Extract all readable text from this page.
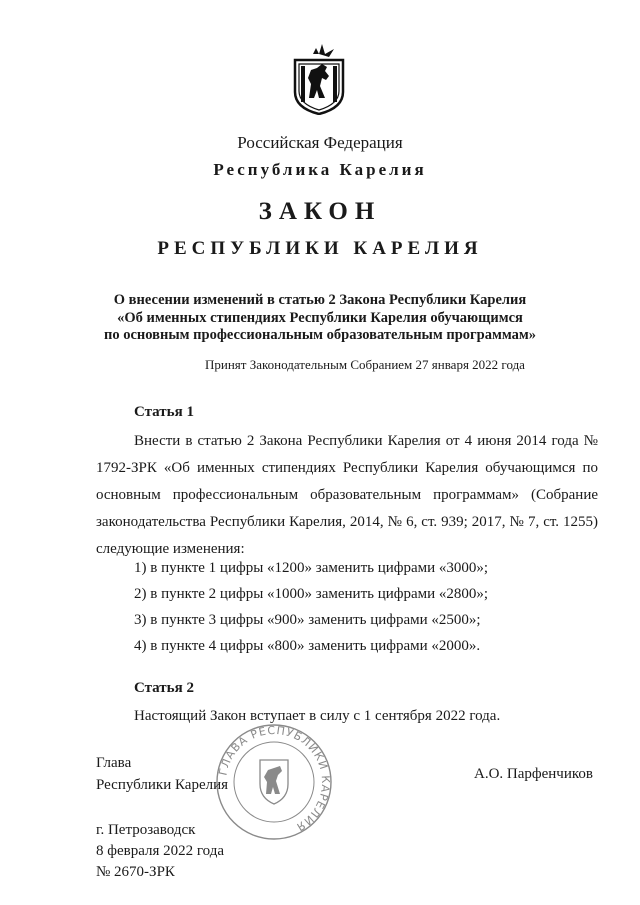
Российская Федерация
Республика Карелия
ЗАКОН
РЕСПУБЛИКИ КАРЕЛИЯ
О внесении изменений в статью 2 Закона Республики Карелия
«Об именных стипендиях Республики Карелия обучающимся
по основным профессиональным образовательным программам»
Принят Законодательным Собранием 27 января 2022 года
Статья 1
Внести в статью 2 Закона Республики Карелия от 4 июня 2014 года № 1792-ЗРК «Об именных стипендиях Республики Карелия обучающимся по основным профессиональным образовательным программам» (Собрание законодательства Республики Карелия, 2014, № 6, ст. 939; 2017, № 7, ст. 1255) следующие изменения:
1) в пункте 1 цифры «1200» заменить цифрами «3000»;
2) в пункте 2 цифры «1000» заменить цифрами «2800»;
3) в пункте 3 цифры «900» заменить цифрами «2500»;
4) в пункте 4 цифры «800» заменить цифрами «2000».
Статья 2
Настоящий Закон вступает в силу с 1 сентября 2022 года.
ГЛАВА РЕСПУБЛИКИ КАРЕЛИЯ
Глава
Республики Карелия
А.О. Парфенчиков
г. Петрозаводск
8 февраля 2022 года
№ 2670-ЗРК
